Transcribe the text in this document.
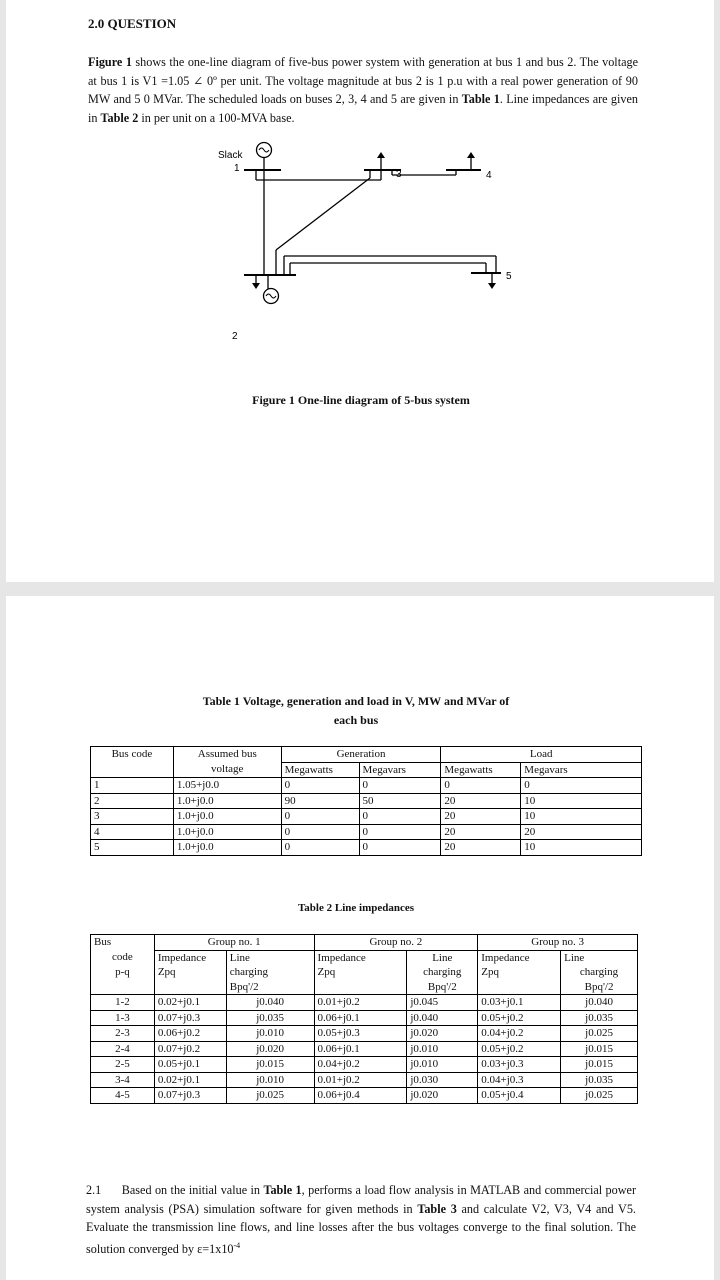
2.0 QUESTION
Figure 1 shows the one-line diagram of five-bus power system with generation at bus 1 and bus 2. The voltage at bus 1 is V1 =1.05 ∠ 0º per unit. The voltage magnitude at bus 2 is 1 p.u with a real power generation of 90 MW and 5 0 MVar. The scheduled loads on buses 2, 3, 4 and 5 are given in Table 1. Line impedances are given in Table 2 in per unit on a 100-MVA base.
Slack
1
3	4
5
2
Figure 1 One-line diagram of 5-bus system
Table 1 Voltage, generation and load in V, MW and MVar of
each bus
Bus code	Assumed bus	Generation		Load	
	voltage	Megawatts	Megavars	Megawatts	Megavars
1	1.05+j0.0	0	0	0	0
2	1.0+j0.0	90	50	20	10
3	1.0+j0.0	0	0	20	10
4	1.0+j0.0	0	0	20	20
5	1.0+j0.0	0	0	20	10
Table 2 Line impedances
Bus	Group no. 1		Group no. 2		Group no. 3	
code	Impedance	Line	Impedance	Line	Impedance	Line
p-q	Zpq	charging	Zpq	charging	Zpq	charging
		Bpq'/2		Bpq'/2		Bpq'/2
1-2	0.02+j0.1	j0.040	0.01+j0.2	j0.045	0.03+j0.1	j0.040
1-3	0.07+j0.3	j0.035	0.06+j0.1	j0.040	0.05+j0.2	j0.035
2-3	0.06+j0.2	j0.010	0.05+j0.3	j0.020	0.04+j0.2	j0.025
2-4	0.07+j0.2	j0.020	0.06+j0.1	j0.010	0.05+j0.2	j0.015
2-5	0.05+j0.1	j0.015	0.04+j0.2	j0.010	0.03+j0.3	j0.015
3-4	0.02+j0.1	j0.010	0.01+j0.2	j0.030	0.04+j0.3	j0.035
4-5	0.07+j0.3	j0.025	0.06+j0.4	j0.020	0.05+j0.4	j0.025
2.1 Based on the initial value in Table 1, performs a load flow analysis in MATLAB and commercial power system analysis (PSA) simulation software for given methods in Table 3 and calculate V2, V3, V4 and V5. Evaluate the transmission line flows, and line losses after the bus voltages converge to the final solution. The solution converged by $\varepsilon=1x10^{-4}$
